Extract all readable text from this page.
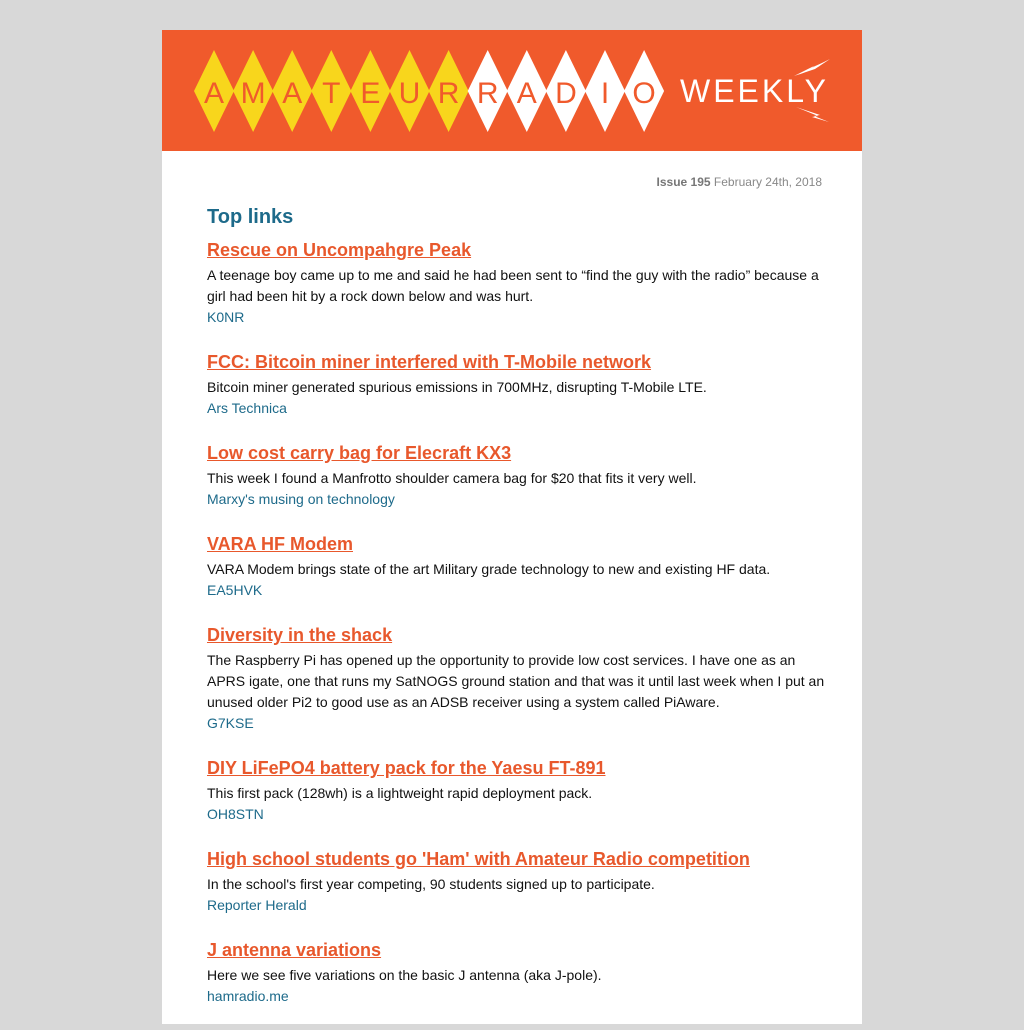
A M A T E U R R A D I O WEEKLY
Issue 195 February 24th, 2018
Top links
Rescue on Uncompahgre Peak
A teenage boy came up to me and said he had been sent to “find the guy with the radio” because a girl had been hit by a rock down below and was hurt.
K0NR
FCC: Bitcoin miner interfered with T-Mobile network
Bitcoin miner generated spurious emissions in 700MHz, disrupting T-Mobile LTE.
Ars Technica
Low cost carry bag for Elecraft KX3
This week I found a Manfrotto shoulder camera bag for $20 that fits it very well.
Marxy's musing on technology
VARA HF Modem
VARA Modem brings state of the art Military grade technology to new and existing HF data.
EA5HVK
Diversity in the shack
The Raspberry Pi has opened up the opportunity to provide low cost services. I have one as an APRS igate, one that runs my SatNOGS ground station and that was it until last week when I put an unused older Pi2 to good use as an ADSB receiver using a system called PiAware.
G7KSE
DIY LiFePO4 battery pack for the Yaesu FT-891
This first pack (128wh) is a lightweight rapid deployment pack.
OH8STN
High school students go 'Ham' with Amateur Radio competition
In the school's first year competing, 90 students signed up to participate.
Reporter Herald
J antenna variations
Here we see five variations on the basic J antenna (aka J-pole).
hamradio.me
